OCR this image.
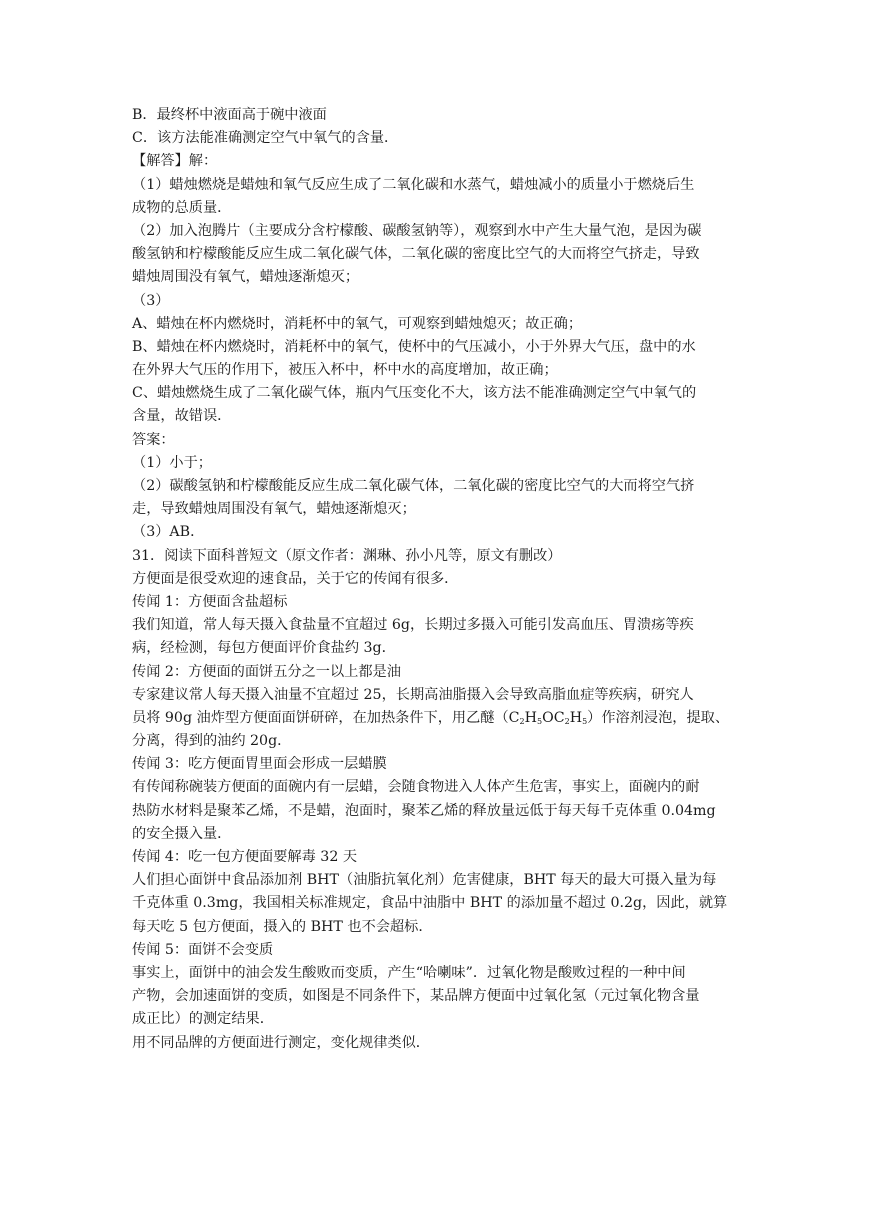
B．最终杯中液面高于碗中液面
C．该方法能准确测定空气中氧气的含量．
【解答】解：
（1）蜡烛燃烧是蜡烛和氧气反应生成了二氧化碳和水蒸气，蜡烛减小的质量小于燃烧后生
成物的总质量．
（2）加入泡腾片（主要成分含柠檬酸、碳酸氢钠等），观察到水中产生大量气泡，是因为碳
酸氢钠和柠檬酸能反应生成二氧化碳气体，二氧化碳的密度比空气的大而将空气挤走，导致
蜡烛周围没有氧气，蜡烛逐渐熄灭；
（3）
A、蜡烛在杯内燃烧时，消耗杯中的氧气，可观察到蜡烛熄灭；故正确；
B、蜡烛在杯内燃烧时，消耗杯中的氧气，使杯中的气压减小，小于外界大气压，盘中的水
在外界大气压的作用下，被压入杯中，杯中水的高度增加，故正确；
C、蜡烛燃烧生成了二氧化碳气体，瓶内气压变化不大，该方法不能准确测定空气中氧气的
含量，故错误．
答案：
（1）小于；
（2）碳酸氢钠和柠檬酸能反应生成二氧化碳气体，二氧化碳的密度比空气的大而将空气挤
走，导致蜡烛周围没有氧气，蜡烛逐渐熄灭；
（3）AB．
31．阅读下面科普短文（原文作者：渊琳、孙小凡等，原文有删改）
方便面是很受欢迎的速食品，关于它的传闻有很多．
传闻 1：方便面含盐超标
我们知道，常人每天摄入食盐量不宜超过 6g，长期过多摄入可能引发高血压、胃溃疡等疾
病，经检测，每包方便面评价食盐约 3g．
传闻 2：方便面的面饼五分之一以上都是油
专家建议常人每天摄入油量不宜超过 25，长期高油脂摄入会导致高脂血症等疾病，研究人
员将 90g 油炸型方便面面饼研碎，在加热条件下，用乙醚$(C_2H_5OC_2H_5)$作溶剂浸泡，提取、
分离，得到的油约 20g．
传闻 3：吃方便面胃里面会形成一层蜡膜
有传闻称碗装方便面的面碗内有一层蜡，会随食物进入人体产生危害，事实上，面碗内的耐
热防水材料是聚苯乙烯，不是蜡，泡面时，聚苯乙烯的释放量远低于每天每千克体重 0.04mg
的安全摄入量．
传闻 4：吃一包方便面要解毒 32 天
人们担心面饼中食品添加剂 BHT（油脂抗氧化剂）危害健康，BHT 每天的最大可摄入量为每
千克体重 0.3mg，我国相关标准规定，食品中油脂中 BHT 的添加量不超过 0.2g，因此，就算
每天吃 5 包方便面，摄入的 BHT 也不会超标．
传闻 5：面饼不会变质
事实上，面饼中的油会发生酸败而变质，产生“哈喇味”．过氧化物是酸败过程的一种中间
产物，会加速面饼的变质，如图是不同条件下，某品牌方便面中过氧化氢（元过氧化物含量
成正比）的测定结果．
用不同品牌的方便面进行测定，变化规律类似．
